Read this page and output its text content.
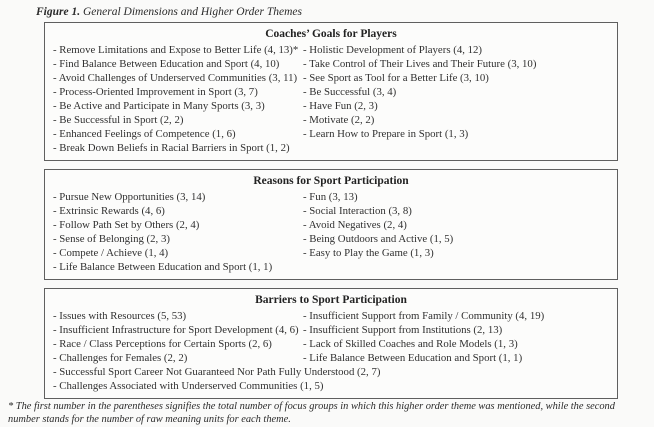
Figure 1. General Dimensions and Higher Order Themes
Coaches’ Goals for Players
- Remove Limitations and Expose to Better Life (4, 13)*
- Find Balance Between Education and Sport (4, 10)
- Avoid Challenges of Underserved Communities (3, 11)
- Process-Oriented Improvement in Sport (3, 7)
- Be Active and Participate in Many Sports (3, 3)
- Be Successful in Sport (2, 2)
- Enhanced Feelings of Competence (1, 6)
- Break Down Beliefs in Racial Barriers in Sport (1, 2)
- Holistic Development of Players (4, 12)
- Take Control of Their Lives and Their Future (3, 10)
- See Sport as Tool for a Better Life (3, 10)
- Be Successful (3, 4)
- Have Fun (2, 3)
- Motivate (2, 2)
- Learn How to Prepare in Sport (1, 3)
Reasons for Sport Participation
- Pursue New Opportunities (3, 14)
- Extrinsic Rewards (4, 6)
- Follow Path Set by Others (2, 4)
- Sense of Belonging (2, 3)
- Compete / Achieve (1, 4)
- Life Balance Between Education and Sport (1, 1)
- Fun (3, 13)
- Social Interaction (3, 8)
- Avoid Negatives (2, 4)
- Being Outdoors and Active (1, 5)
- Easy to Play the Game (1, 3)
Barriers to Sport Participation
- Issues with Resources (5, 53)
- Insufficient Infrastructure for Sport Development (4, 6)
- Race / Class Perceptions for Certain Sports (2, 6)
- Challenges for Females (2, 2)
- Insufficient Support from Family / Community (4, 19)
- Insufficient Support from Institutions (2, 13)
- Lack of Skilled Coaches and Role Models (1, 3)
- Life Balance Between Education and Sport (1, 1)
- Successful Sport Career Not Guaranteed Nor Path Fully Understood (2, 7)
- Challenges Associated with Underserved Communities (1, 5)
* The first number in the parentheses signifies the total number of focus groups in which this higher order theme was mentioned, while the second number stands for the number of raw meaning units for each theme.
